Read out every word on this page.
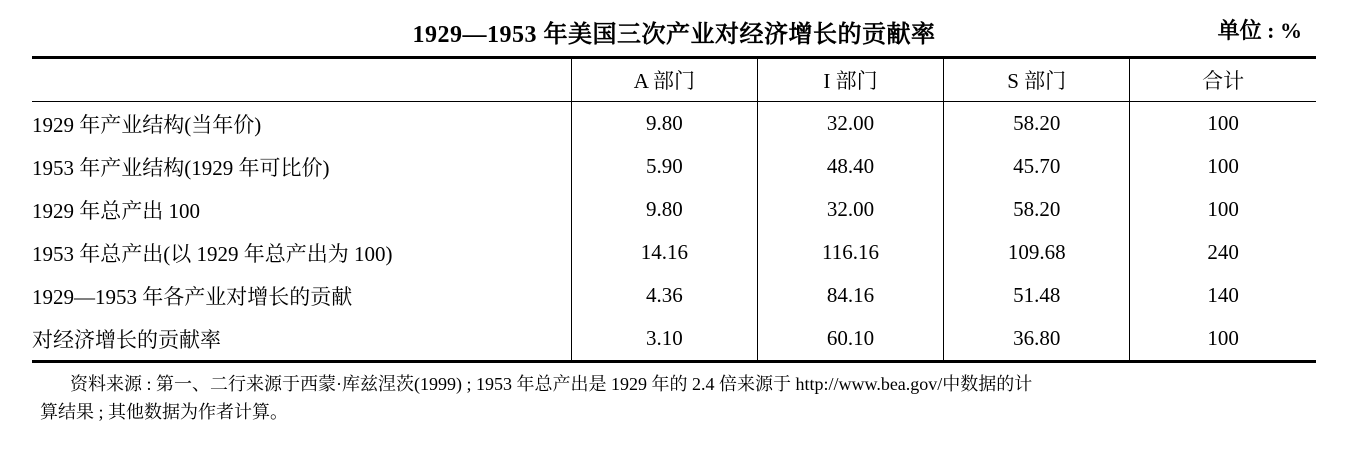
1929—1953 年美国三次产业对经济增长的贡献率	单位 : %
	A 部门	I 部门	S 部门	合计
1929 年产业结构(当年价)	9.80	32.00	58.20	100
1953 年产业结构(1929 年可比价)	5.90	48.40	45.70	100
1929 年总产出 100	9.80	32.00	58.20	100
1953 年总产出(以 1929 年总产出为 100)	14.16	116.16	109.68	240
1929—1953 年各产业对增长的贡献	4.36	84.16	51.48	140
对经济增长的贡献率	3.10	60.10	36.80	100
资料来源 : 第一、二行来源于西蒙·库兹涅茨(1999) ; 1953 年总产出是 1929 年的 2.4 倍来源于 http://www.bea.gov/中数据的计
算结果 ; 其他数据为作者计算。
